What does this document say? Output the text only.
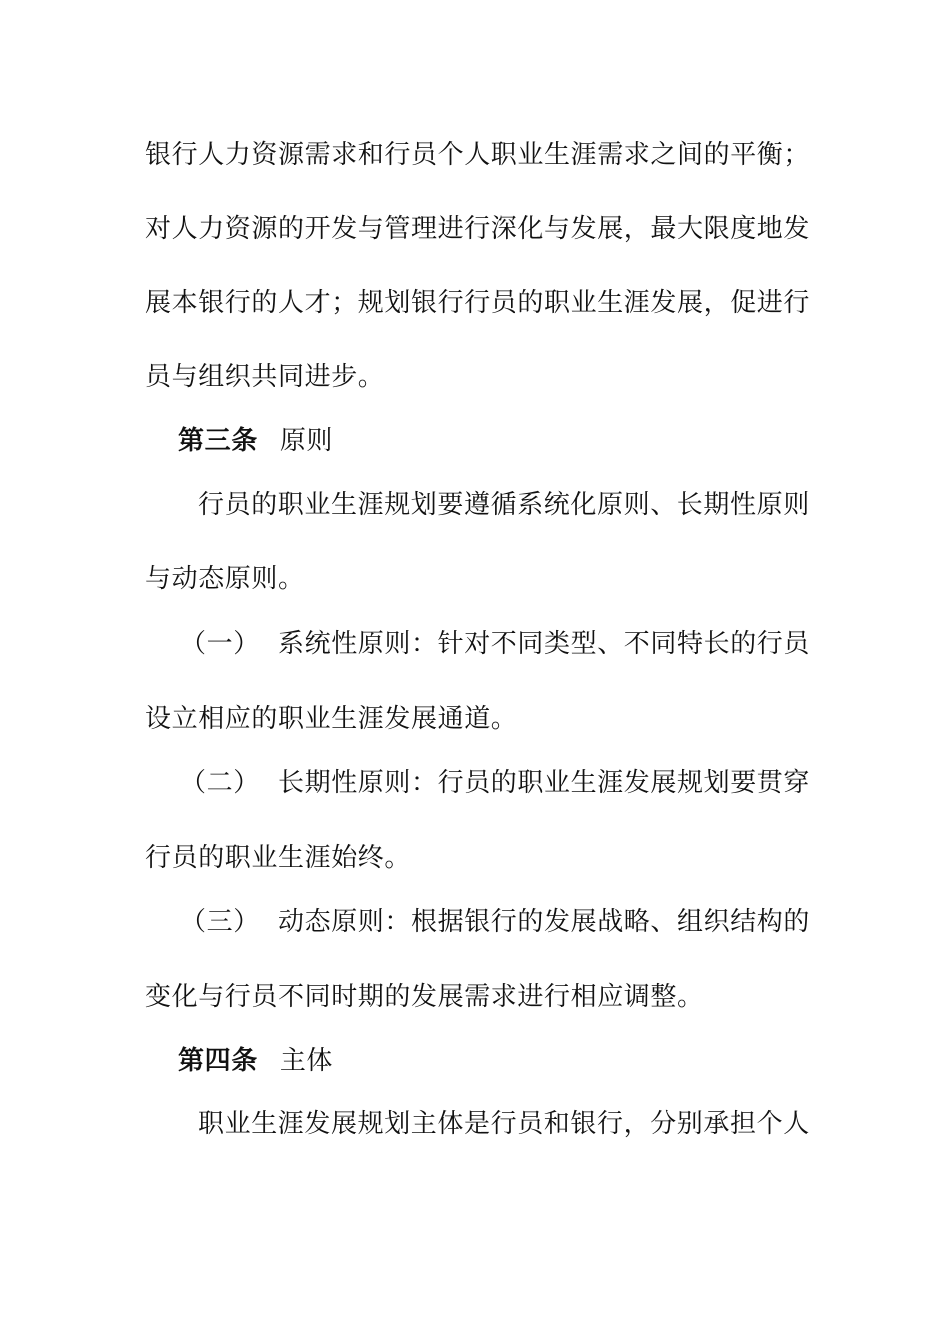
银行人力资源需求和行员个人职业生涯需求之间的平衡；
对人力资源的开发与管理进行深化与发展，最大限度地发
展本银行的人才；规划银行行员的职业生涯发展，促进行
员与组织共同进步。
第三条 原则
行员的职业生涯规划要遵循系统化原则、长期性原则
与动态原则。
（一） 系统性原则：针对不同类型、不同特长的行员
设立相应的职业生涯发展通道。
（二） 长期性原则：行员的职业生涯发展规划要贯穿
行员的职业生涯始终。
（三） 动态原则：根据银行的发展战略、组织结构的
变化与行员不同时期的发展需求进行相应调整。
第四条 主体
职业生涯发展规划主体是行员和银行，分别承担个人
